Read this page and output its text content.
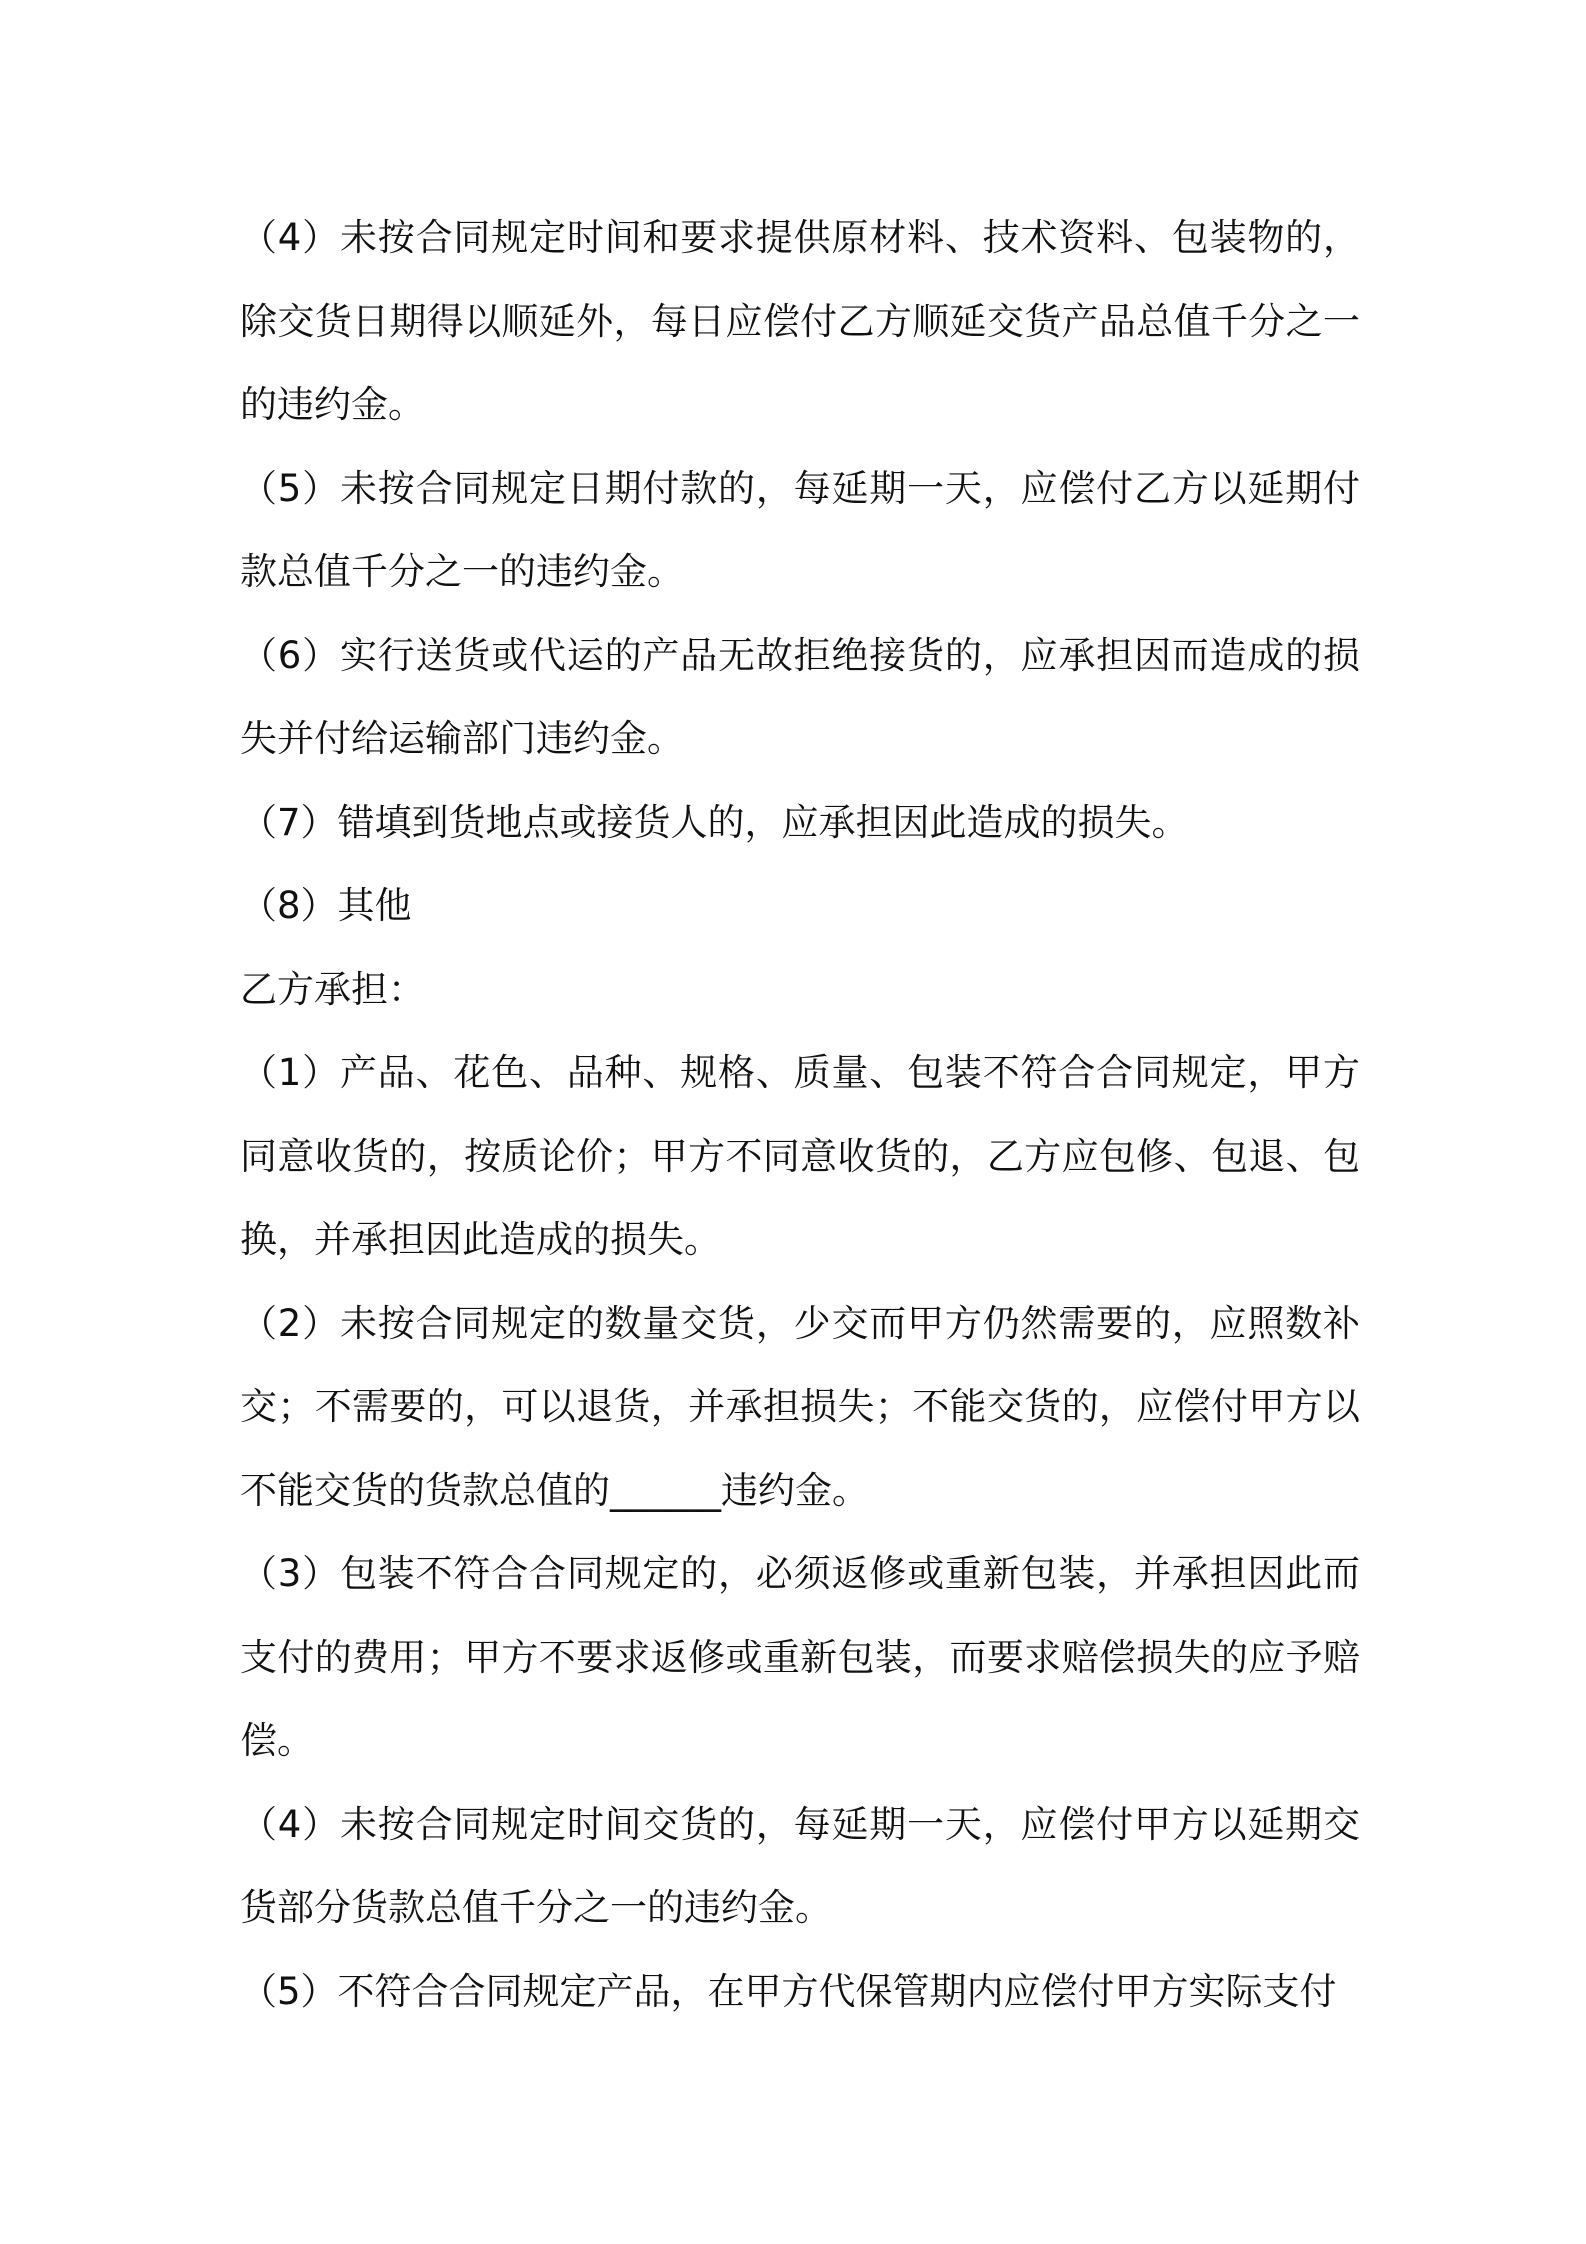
（4）未按合同规定时间和要求提供原材料、技术资料、包装物的，除交货日期得以顺延外，每日应偿付乙方顺延交货产品总值千分之一的违约金。

（5）未按合同规定日期付款的，每延期一天，应偿付乙方以延期付款总值千分之一的违约金。

（6）实行送货或代运的产品无故拒绝接货的，应承担因而造成的损失并付给运输部门违约金。

（7）错填到货地点或接货人的，应承担因此造成的损失。

（8）其他

乙方承担：

（1）产品、花色、品种、规格、质量、包装不符合合同规定，甲方同意收货的，按质论价；甲方不同意收货的，乙方应包修、包退、包换，并承担因此造成的损失。

（2）未按合同规定的数量交货，少交而甲方仍然需要的，应照数补交；不需要的，可以退货，并承担损失；不能交货的，应偿付甲方以不能交货的货款总值的______违约金。

（3）包装不符合合同规定的，必须返修或重新包装，并承担因此而支付的费用；甲方不要求返修或重新包装，而要求赔偿损失的应予赔偿。

（4）未按合同规定时间交货的，每延期一天，应偿付甲方以延期交货部分货款总值千分之一的违约金。

（5）不符合合同规定产品，在甲方代保管期内应偿付甲方实际支付
